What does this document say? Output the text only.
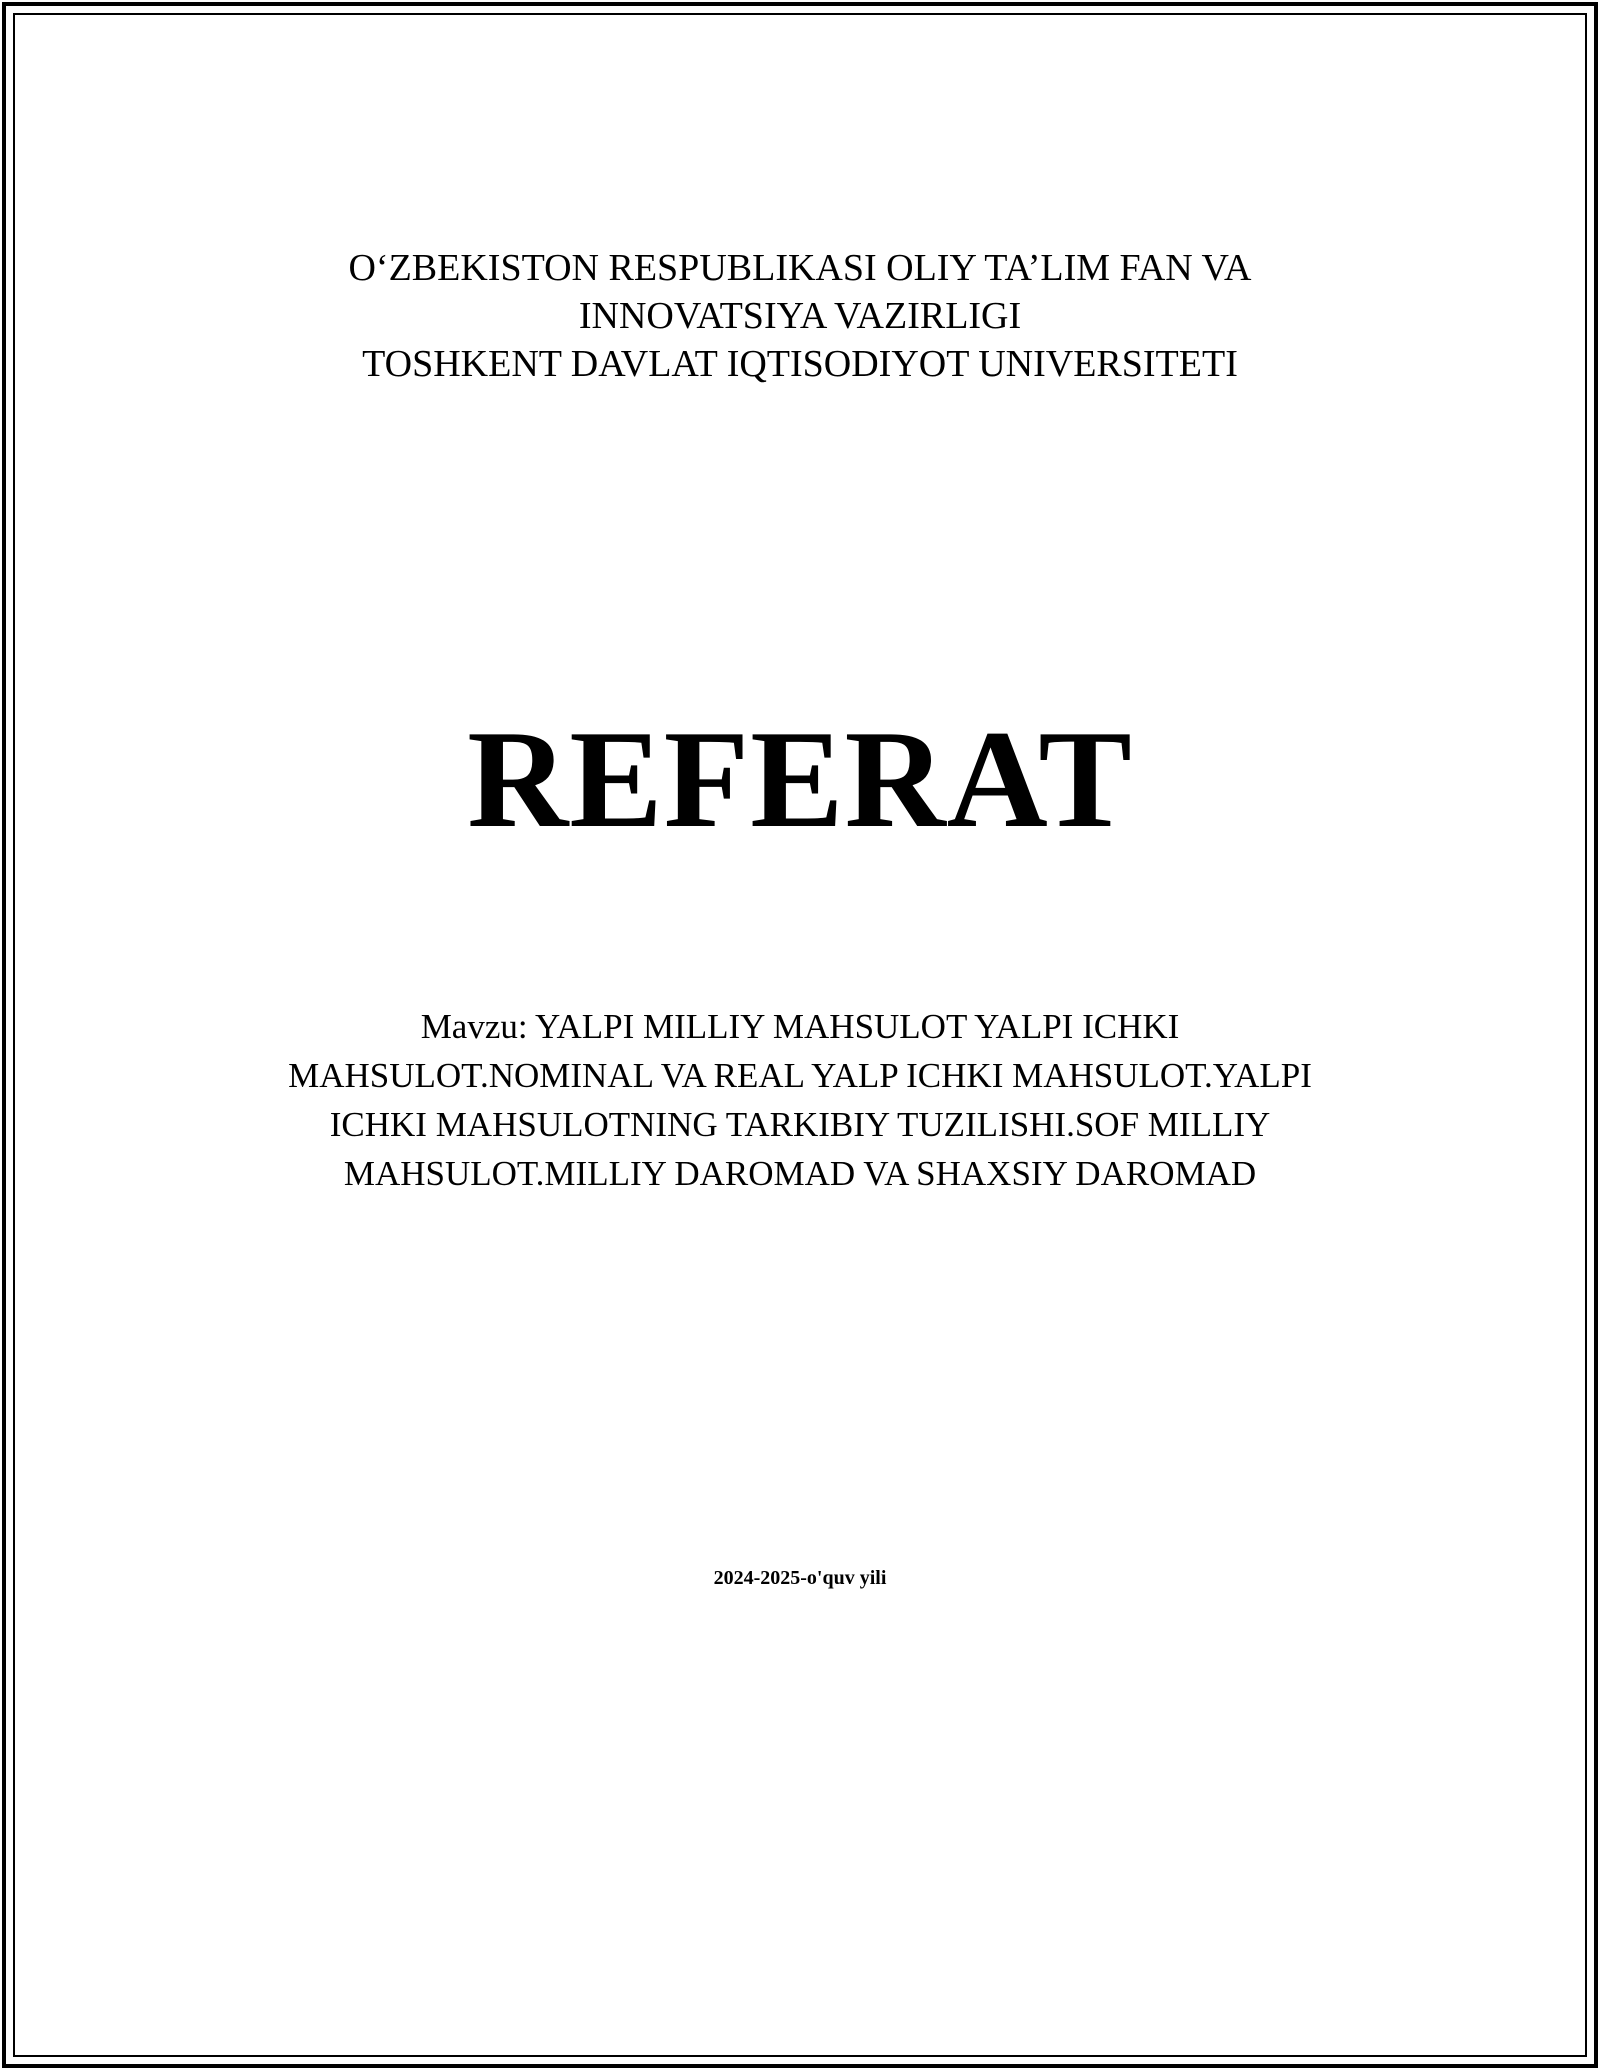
O‘ZBEKISTON RESPUBLIKASI OLIY TA’LIM FAN VA
INNOVATSIYA VAZIRLIGI
TOSHKENT DAVLAT IQTISODIYOT UNIVERSITETI
REFERAT
Mavzu: YALPI MILLIY MAHSULOT YALPI ICHKI
MAHSULOT.NOMINAL VA REAL YALP ICHKI MAHSULOT.YALPI
ICHKI MAHSULOTNING TARKIBIY TUZILISHI.SOF MILLIY
MAHSULOT.MILLIY DAROMAD VA SHAXSIY DAROMAD
2024-2025-o'quv yili
